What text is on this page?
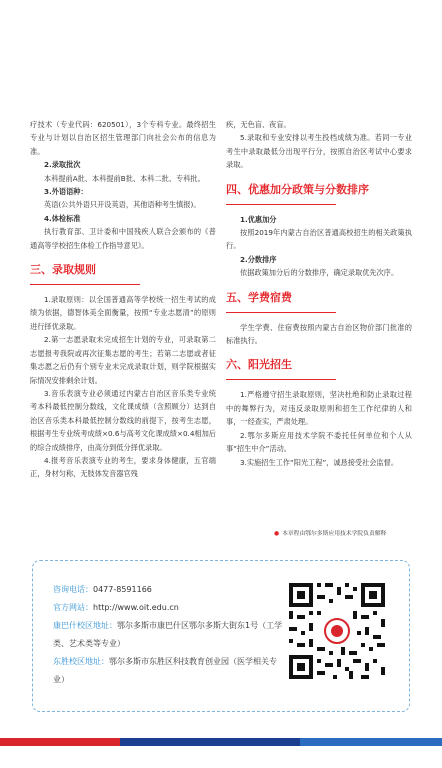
疗技术（专业代码：620501），3个专科专业。最终招生专业与计划以自治区招生管理部门向社会公布的信息为准。

2.录取批次

本科提前A批、本科提前B批、本科二批、专科批。

3.外语语种：

英语(公共外语只开设英语，其他语种考生慎报)。

4.体检标准

执行教育部、卫计委和中国残疾人联合会颁布的《普通高等学校招生体检工作指导意见》。

三、录取规则

1.录取原则：以全国普通高等学校统一招生考试的成绩为依据，德智体美全面衡量，按照“专业志愿清”的原则进行择优录取。

2.第一志愿录取未完成招生计划的专业，可录取第二志愿报考我院或再次征集志愿的考生；若第二志愿或者征集志愿之后仍有个别专业未完成录取计划，则学院根据实际情况安排剩余计划。

3.音乐表演专业必须通过内蒙古自治区音乐类专业统考本科最低控制分数线，文化课成绩（含照顾分）达到自治区音乐类本科最低控制分数线的前提下，按考生志愿，根据考生专业统考成绩×0.6与高考文化课成绩×0.4相加后的综合成绩排序，由高分到低分择优录取。

4.报考音乐表演专业的考生，要求身体健康，五官端正，身材匀称，无肢体发音器官残

疾，无色盲、夜盲。

5.录取和专业安排以考生投档成绩为准。若同一专业考生中录取最低分出现平行分，按照自治区考试中心要求录取。

四、优惠加分政策与分数排序

1.优惠加分

按照2019年内蒙古自治区普通高校招生的相关政策执行。

2.分数排序

依据政策加分后的分数排序，确定录取优先次序。

五、学费宿费

学生学费、住宿费按照内蒙古自治区物价部门批准的标准执行。

六、阳光招生

1.严格遵守招生录取原则，坚决杜绝和防止录取过程中的舞弊行为，对违反录取原则和招生工作纪律的人和事，一经查实，严肃处理。

2.鄂尔多斯应用技术学院不委托任何单位和个人从事“招生中介”活动。

3.实施招生工作“阳光工程”，诚恳接受社会监督。

● 本章程由鄂尔多斯应用技术学院负责解释
咨询电话：0477-8591166
官方网站：http://www.oit.edu.cn
康巴什校区地址：鄂尔多斯市康巴什区鄂尔多斯大街东1号（工学类、艺术类等专业）
东胜校区地址：鄂尔多斯市东胜区科技教育创业园（医学相关专业）
